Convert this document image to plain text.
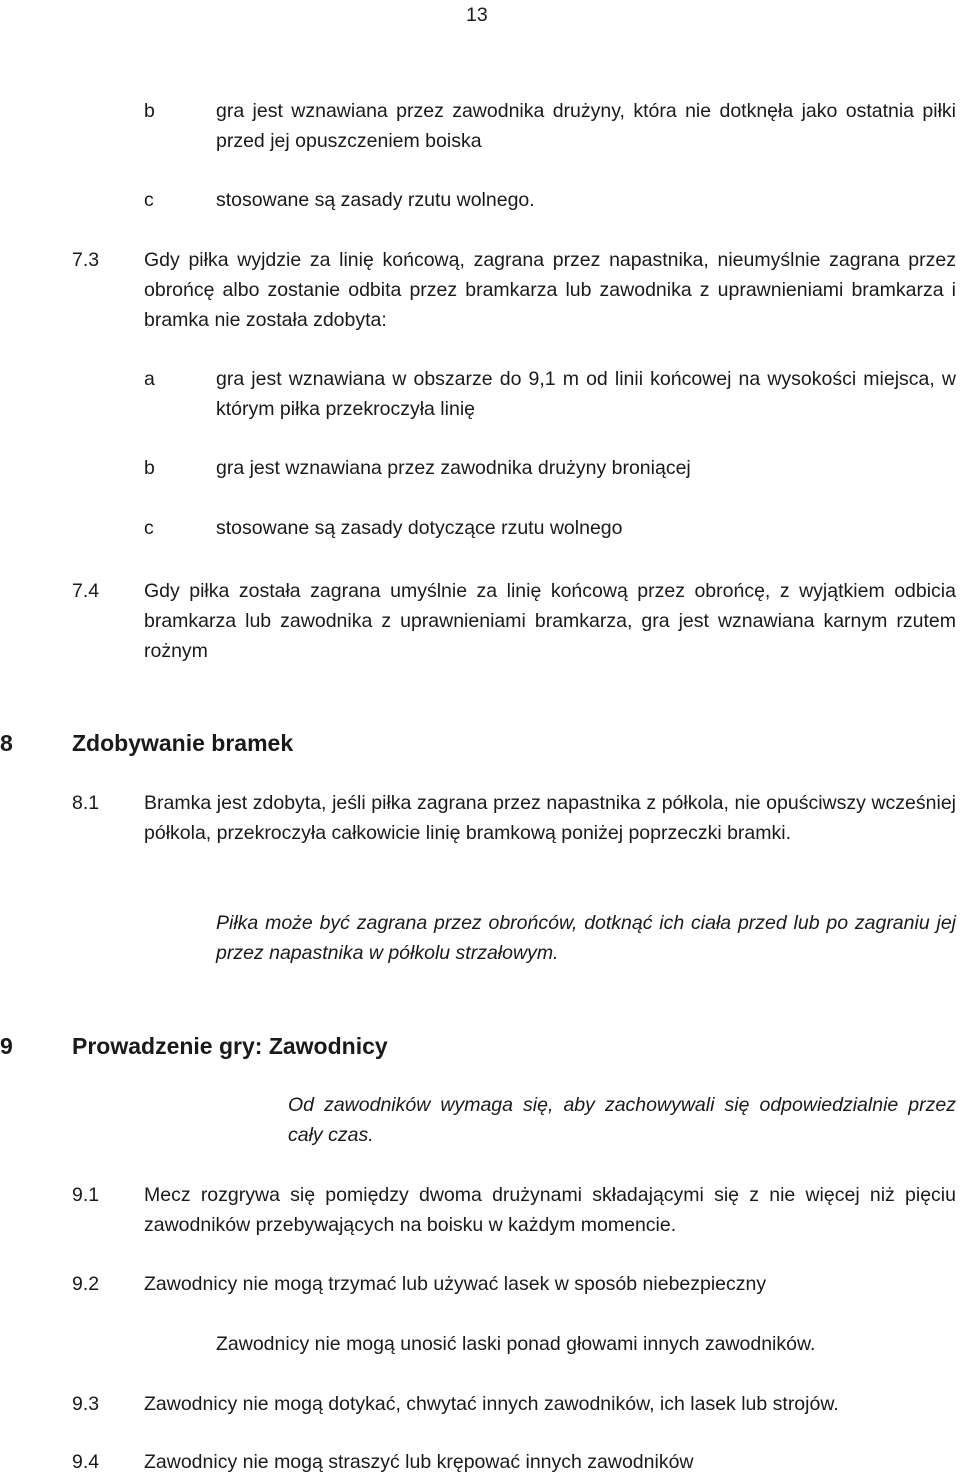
13
b	gra jest wznawiana przez zawodnika drużyny, która nie dotknęła jako ostatnia piłki przed jej opuszczeniem boiska
c	stosowane są zasady rzutu wolnego.
7.3 Gdy piłka wyjdzie za linię końcową, zagrana przez napastnika, nieumyślnie zagrana przez obrońcę albo zostanie odbita przez bramkarza lub zawodnika z uprawnieniami bramkarza i bramka nie została zdobyta:
a	gra jest wznawiana w obszarze do 9,1 m od linii końcowej na wysokości miejsca, w którym piłka przekroczyła linię
b	gra jest wznawiana przez zawodnika drużyny broniącej
c	stosowane są zasady dotyczące rzutu wolnego
7.4 Gdy piłka została zagrana umyślnie za linię końcową przez obrońcę, z wyjątkiem odbicia bramkarza lub zawodnika z uprawnieniami bramkarza, gra jest wznawiana karnym rzutem rożnym
8	Zdobywanie bramek
8.1 Bramka jest zdobyta, jeśli piłka zagrana przez napastnika z półkola, nie opuściwszy wcześniej półkola, przekroczyła całkowicie linię bramkową poniżej poprzeczki bramki.
Piłka może być zagrana przez obrońców, dotknąć ich ciała przed lub po zagraniu jej przez napastnika w półkolu strzałowym.
9	Prowadzenie gry: Zawodnicy
Od zawodników wymaga się, aby zachowywali się odpowiedzialnie przez cały czas.
9.1 Mecz rozgrywa się pomiędzy dwoma drużynami składającymi się z nie więcej niż pięciu zawodników przebywających na boisku w każdym momencie.
9.2 Zawodnicy nie mogą trzymać lub używać lasek w sposób niebezpieczny
Zawodnicy nie mogą unosić laski ponad głowami innych zawodników.
9.3 Zawodnicy nie mogą dotykać, chwytać innych zawodników, ich lasek lub strojów.
9.4 Zawodnicy nie mogą straszyć lub krępować innych zawodników
